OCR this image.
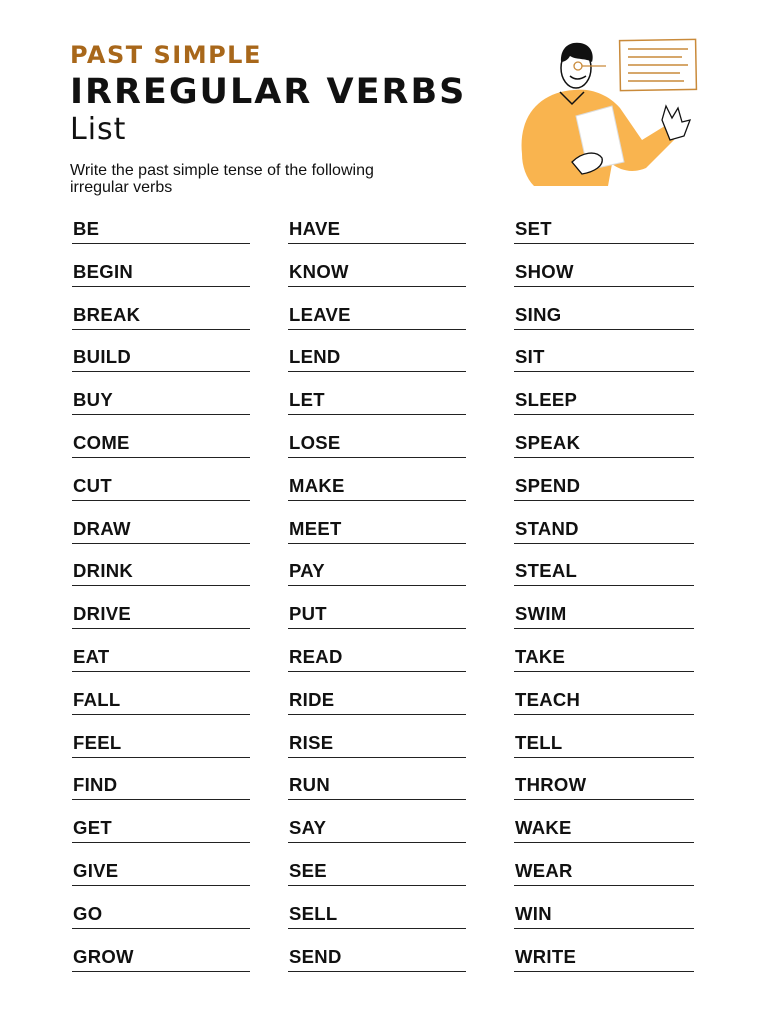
PAST SIMPLE
IRREGULAR VERBS
List
Write the past simple tense of the following irregular verbs
BE
BEGIN
BREAK
BUILD
BUY
COME
CUT
DRAW
DRINK
DRIVE
EAT
FALL
FEEL
FIND
GET
GIVE
GO
GROW
HAVE
KNOW
LEAVE
LEND
LET
LOSE
MAKE
MEET
PAY
PUT
READ
RIDE
RISE
RUN
SAY
SEE
SELL
SEND
SET
SHOW
SING
SIT
SLEEP
SPEAK
SPEND
STAND
STEAL
SWIM
TAKE
TEACH
TELL
THROW
WAKE
WEAR
WIN
WRITE
